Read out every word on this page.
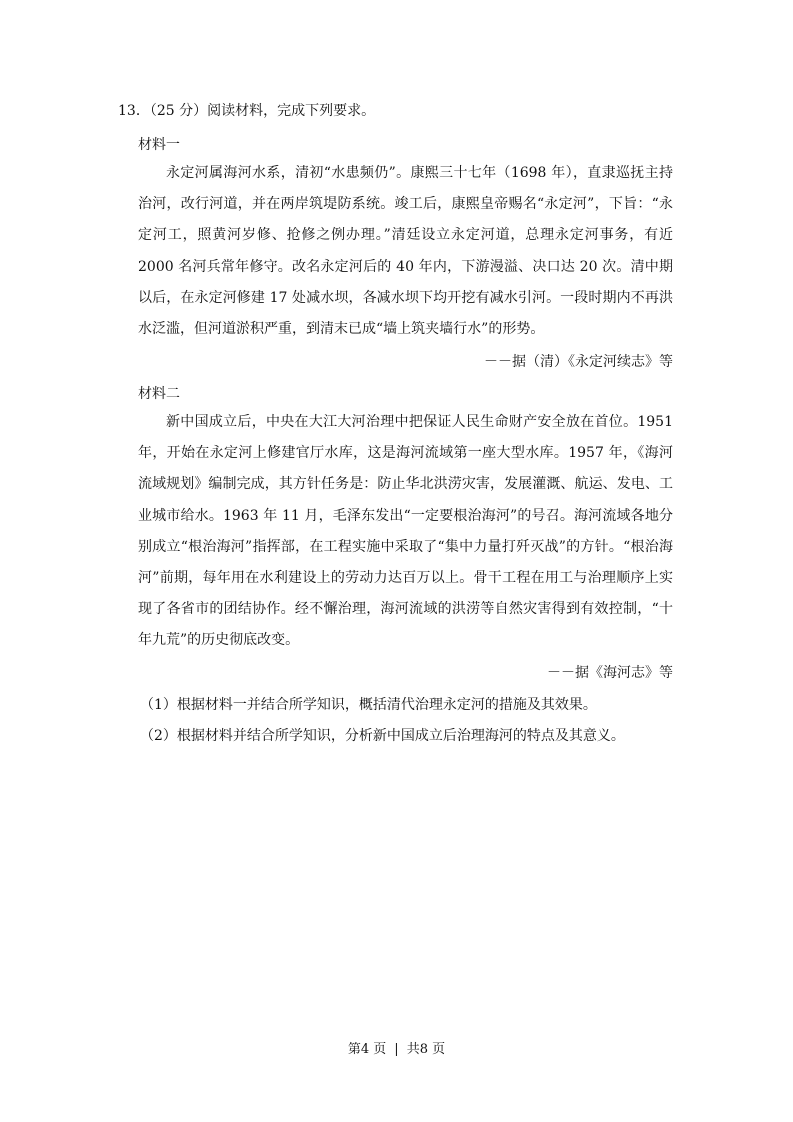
13．（25 分）阅读材料，完成下列要求。
材料一

永定河属海河水系，清初“水患频仍”。康熙三十七年（1698 年），直隶巡抚主持治河，改行河道，并在两岸筑堤防系统。竣工后，康熙皇帝赐名“永定河”，下旨：“永定河工，照黄河岁修、抢修之例办理。”清廷设立永定河道，总理永定河事务，有近 2000 名河兵常年修守。改名永定河后的 40 年内，下游漫溢、决口达 20 次。清中期以后，在永定河修建 17 处减水坝，各减水坝下均开挖有减水引河。一段时期内不再洪水泛滥，但河道淤积严重，到清末已成“墙上筑夹墙行水”的形势。

－－据（清）《永定河续志》等
材料二

新中国成立后，中央在大江大河治理中把保证人民生命财产安全放在首位。1951 年，开始在永定河上修建官厅水库，这是海河流域第一座大型水库。1957 年，《海河流域规划》编制完成，其方针任务是：防止华北洪涝灾害，发展灌溉、航运、发电、工业城市给水。1963 年 11 月，毛泽东发出“一定要根治海河”的号召。海河流域各地分别成立“根治海河”指挥部，在工程实施中采取了“集中力量打歼灭战”的方针。“根治海河”前期，每年用在水利建设上的劳动力达百万以上。骨干工程在用工与治理顺序上实现了各省市的团结协作。经不懈治理，海河流域的洪涝等自然灾害得到有效控制，“十年九荒”的历史彻底改变。

－－据《海河志》等
（1）根据材料一并结合所学知识，概括清代治理永定河的措施及其效果。
（2）根据材料并结合所学知识，分析新中国成立后治理海河的特点及其意义。
第4 页 | 共8 页
